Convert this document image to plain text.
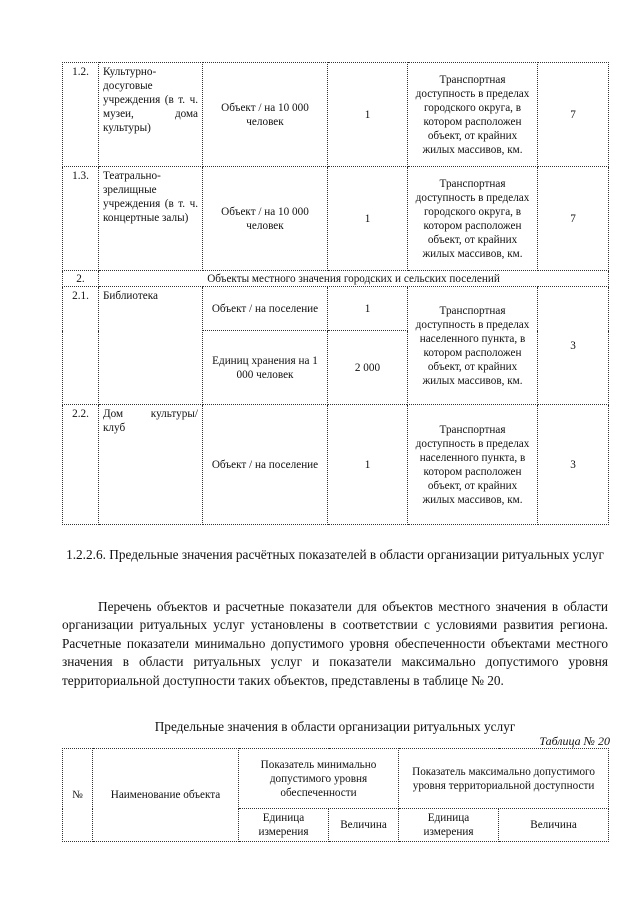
1.2.	Культурно-досуговые учреждения (в т. ч. музеи, дома культуры)	Объект / на 10 000 человек	1	Транспортная доступность в пределах городского округа, в котором расположен объект, от крайних жилых массивов, км.	7
1.3.	Театрально-зрелищные учреждения (в т. ч. концертные залы)	Объект / на 10 000 человек	1	Транспортная доступность в пределах городского округа, в котором расположен объект, от крайних жилых массивов, км.	7
2.	Объекты местного значения городских и сельских поселений				
2.1.	Библиотека	Объект / на поселение	1	Транспортная доступность в пределах населенного пункта, в котором расположен объект, от крайних жилых массивов, км.	3
		Единиц хранения на 1 000 человек	2 000		
2.2.	Дом культуры/ клуб	Объект / на поселение	1	Транспортная доступность в пределах населенного пункта, в котором расположен объект, от крайних жилых массивов, км.	3
1.2.2.6. Предельные значения расчётных показателей в области организации ритуальных услуг

Перечень объектов и расчетные показатели для объектов местного значения в области организации ритуальных услуг установлены в соответствии с условиями развития региона. Расчетные показатели минимально допустимого уровня обеспеченности объектами местного значения в области ритуальных услуг и показатели максимально допустимого уровня территориальной доступности таких объектов, представлены в таблице № 20.

Предельные значения в области организации ритуальных услуг
Таблица № 20
№	Наименование объекта	Показатель минимально допустимого уровня обеспеченности		Показатель максимально допустимого уровня территориальной доступности	
		Единица измерения	Величина	Единица измерения	Величина
